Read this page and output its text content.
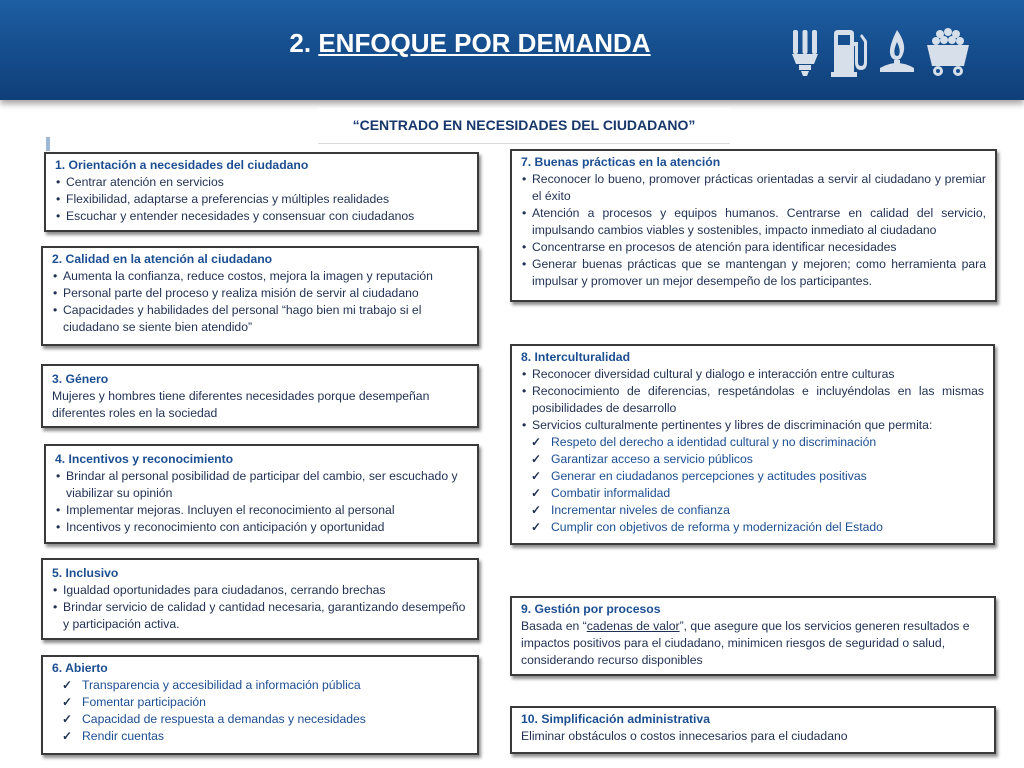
2. ENFOQUE POR DEMANDA
“CENTRADO EN NECESIDADES DEL CIUDADANO”
1. Orientación a necesidades del ciudadano
• Centrar atención en servicios
• Flexibilidad, adaptarse a preferencias y múltiples realidades
• Escuchar y entender necesidades y consensuar con ciudadanos
2. Calidad en la atención al ciudadano
• Aumenta la confianza, reduce costos, mejora la imagen y reputación
• Personal parte del proceso y realiza misión de servir al ciudadano
• Capacidades y habilidades del personal “hago bien mi trabajo si el ciudadano se siente bien atendido”
3. Género

Mujeres y hombres tiene diferentes necesidades porque desempeñan diferentes roles en la sociedad

4. Incentivos y reconocimiento
• Brindar al personal posibilidad de participar del cambio, ser escuchado y viabilizar su opinión
• Implementar mejoras. Incluyen el reconocimiento al personal
• Incentivos y reconocimiento con anticipación y oportunidad
5. Inclusivo
• Igualdad oportunidades para ciudadanos, cerrando brechas
• Brindar servicio de calidad y cantidad necesaria, garantizando desempeño y participación activa.
6. Abierto
✓ Transparencia y accesibilidad a información pública
✓ Fomentar participación
✓ Capacidad de respuesta a demandas y necesidades
✓ Rendir cuentas
7. Buenas prácticas en la atención
• Reconocer lo bueno, promover prácticas orientadas a servir al ciudadano y premiar el éxito
• Atención a procesos y equipos humanos. Centrarse en calidad del servicio, impulsando cambios viables y sostenibles, impacto inmediato al ciudadano
• Concentrarse en procesos de atención para identificar necesidades
• Generar buenas prácticas que se mantengan y mejoren; como herramienta para impulsar y promover un mejor desempeño de los participantes.
8. Interculturalidad
• Reconocer diversidad cultural y dialogo e interacción entre culturas
• Reconocimiento de diferencias, respetándolas e incluyéndolas en las mismas posibilidades de desarrollo
• Servicios culturalmente pertinentes y libres de discriminación que permita:
✓ Respeto del derecho a identidad cultural y no discriminación
✓ Garantizar acceso a servicio públicos
✓ Generar en ciudadanos percepciones y actitudes positivas
✓ Combatir informalidad
✓ Incrementar niveles de confianza
✓ Cumplir con objetivos de reforma y modernización del Estado
9. Gestión por procesos

Basada en “cadenas de valor”, que asegure que los servicios generen resultados e impactos positivos para el ciudadano, minimicen riesgos de seguridad o salud, considerando recurso disponibles

10. Simplificación administrativa

Eliminar obstáculos o costos innecesarios para el ciudadano
